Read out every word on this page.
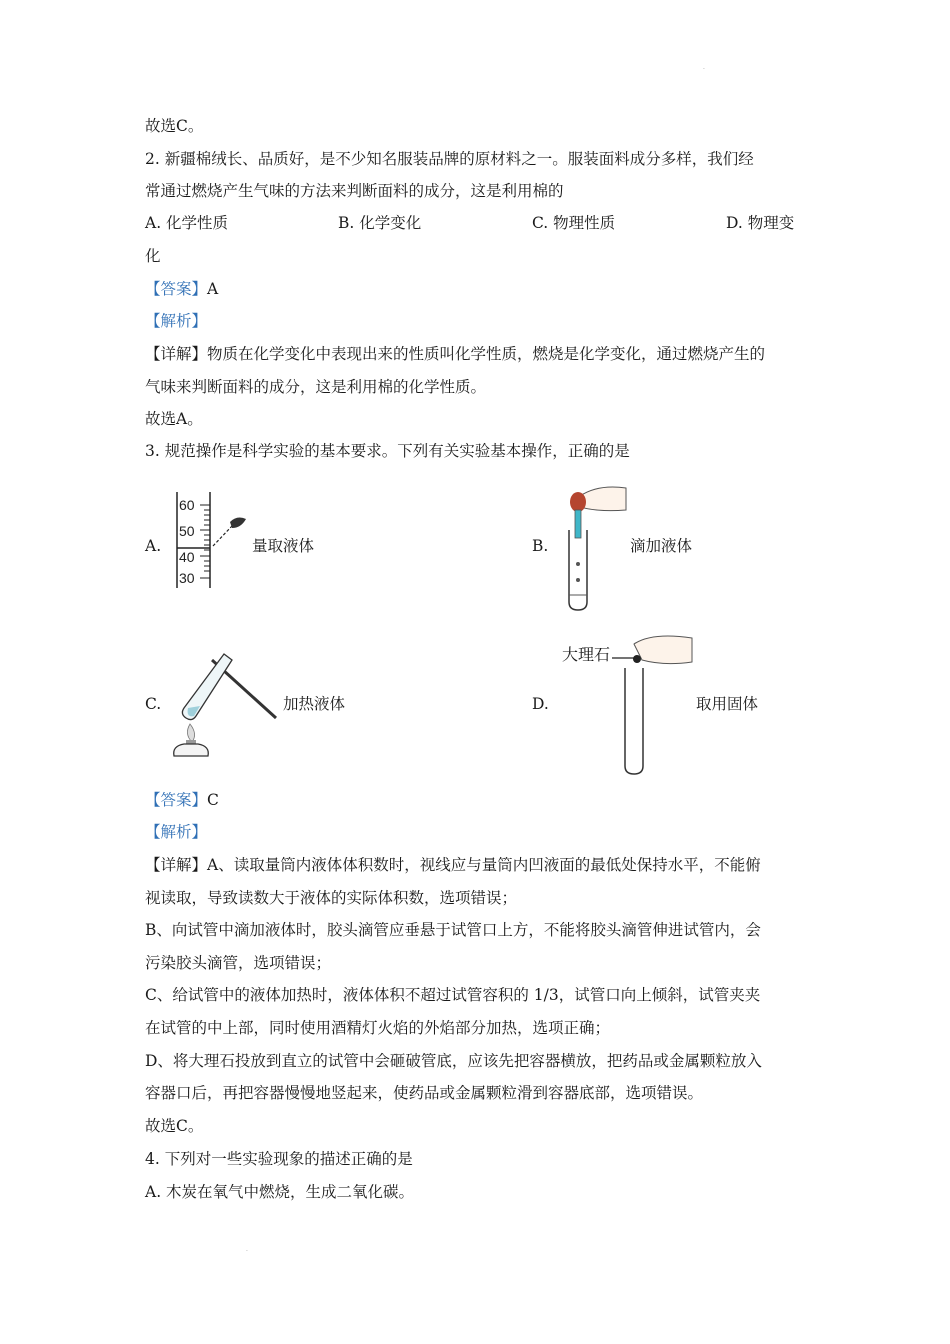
·
故选C。
2. 新疆棉绒长、品质好，是不少知名服装品牌的原材料之一。服装面料成分多样，我们经
常通过燃烧产生气味的方法来判断面料的成分，这是利用棉的
A. 化学性质	B. 化学变化	C. 物理性质	D. 物理变
化
【答案】A
【解析】
【详解】物质在化学变化中表现出来的性质叫化学性质，燃烧是化学变化，通过燃烧产生的
气味来判断面料的成分，这是利用棉的化学性质。
故选A。
3. 规范操作是科学实验的基本要求。下列有关实验基本操作，正确的是
A.
60
50
40
30
量取液体	B.	滴加液体
C.	加热液体	D.
大理石
取用固体
【答案】C
【解析】
【详解】A、读取量筒内液体体积数时，视线应与量筒内凹液面的最低处保持水平，不能俯
视读取，导致读数大于液体的实际体积数，选项错误；
B、向试管中滴加液体时，胶头滴管应垂悬于试管口上方，不能将胶头滴管伸进试管内，会
污染胶头滴管，选项错误；
C、给试管中的液体加热时，液体体积不超过试管容积的 1/3，试管口向上倾斜，试管夹夹
在试管的中上部，同时使用酒精灯火焰的外焰部分加热，选项正确；
D、将大理石投放到直立的试管中会砸破管底，应该先把容器横放，把药品或金属颗粒放入
容器口后，再把容器慢慢地竖起来，使药品或金属颗粒滑到容器底部，选项错误。
故选C。
4. 下列对一些实验现象的描述正确的是
A. 木炭在氧气中燃烧，生成二氧化碳。
·
